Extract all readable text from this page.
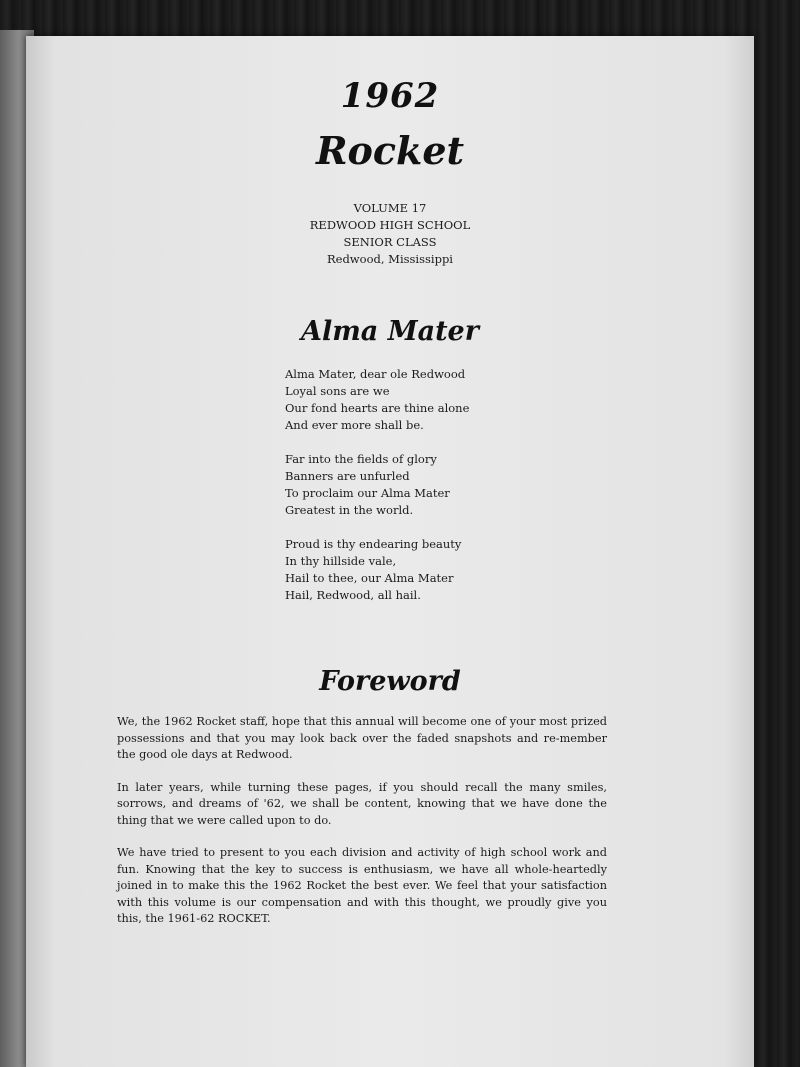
1962
Rocket
VOLUME 17
REDWOOD HIGH SCHOOL
SENIOR CLASS
Redwood, Mississippi
Alma Mater
Alma Mater, dear ole Redwood
Loyal sons are we
Our fond hearts are thine alone
And ever more shall be.
Far into the fields of glory
Banners are unfurled
To proclaim our Alma Mater
Greatest in the world.
Proud is thy endearing beauty
In thy hillside vale,
Hail to thee, our Alma Mater
Hail, Redwood, all hail.
Foreword

We, the 1962 Rocket staff, hope that this annual will become one of your most prized possessions and that you may look back over the faded snapshots and re-member the good ole days at Redwood.

In later years, while turning these pages, if you should recall the many smiles, sorrows, and dreams of '62, we shall be content, knowing that we have done the thing that we were called upon to do.

We have tried to present to you each division and activity of high school work and fun. Knowing that the key to success is enthusiasm, we have all whole-heartedly joined in to make this the 1962 Rocket the best ever. We feel that your satisfaction with this volume is our compensation and with this thought, we proudly give you this, the 1961-62 ROCKET.
